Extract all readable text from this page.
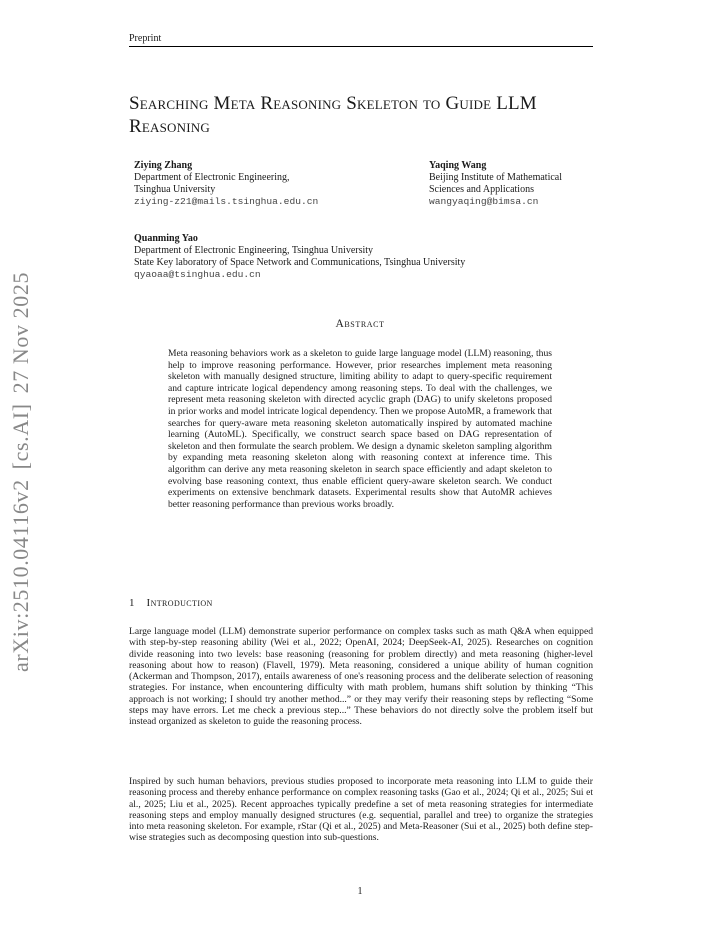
Preprint
Searching Meta Reasoning Skeleton to Guide LLM Reasoning
Ziying Zhang
Department of Electronic Engineering,
Tsinghua University
ziying-z21@mails.tsinghua.edu.cn
Yaqing Wang
Beijing Institute of Mathematical
Sciences and Applications
wangyaqing@bimsa.cn
Quanming Yao
Department of Electronic Engineering, Tsinghua University
State Key laboratory of Space Network and Communications, Tsinghua University
qyaoaa@tsinghua.edu.cn
arXiv:2510.04116v2[cs.AI]27 Nov 2025	Abstract

Meta reasoning behaviors work as a skeleton to guide large language model (LLM) reasoning, thus help to improve reasoning performance. However, prior researches implement meta reasoning skeleton with manually designed structure, limiting ability to adapt to query-specific requirement and capture intricate logical dependency among reasoning steps. To deal with the challenges, we represent meta reasoning skeleton with directed acyclic graph (DAG) to unify skeletons proposed in prior works and model intricate logical dependency. Then we propose AutoMR, a framework that searches for query-aware meta reasoning skeleton automatically inspired by automated machine learning (AutoML). Specifically, we construct search space based on DAG representation of skeleton and then formulate the search problem. We design a dynamic skeleton sampling algorithm by expanding meta reasoning skeleton along with reasoning context at inference time. This algorithm can derive any meta reasoning skeleton in search space efficiently and adapt skeleton to evolving base reasoning context, thus enable efficient query-aware skeleton search. We conduct experiments on extensive benchmark datasets. Experimental results show that AutoMR achieves better reasoning performance than previous works broadly.

1 Introduction

Large language model (LLM) demonstrate superior performance on complex tasks such as math Q&A when equipped with step-by-step reasoning ability (Wei et al., 2022; OpenAI, 2024; DeepSeek-AI, 2025). Researches on cognition divide reasoning into two levels: base reasoning (reasoning for problem directly) and meta reasoning (higher-level reasoning about how to reason) (Flavell, 1979). Meta reasoning, considered a unique ability of human cognition (Ackerman and Thompson, 2017), entails awareness of one's reasoning process and the deliberate selection of reasoning strategies. For instance, when encountering difficulty with math problem, humans shift solution by thinking “This approach is not working; I should try another method...” or they may verify their reasoning steps by reflecting “Some steps may have errors. Let me check a previous step...” These behaviors do not directly solve the problem itself but instead organized as skeleton to guide the reasoning process.

Inspired by such human behaviors, previous studies proposed to incorporate meta reasoning into LLM to guide their reasoning process and thereby enhance performance on complex reasoning tasks (Gao et al., 2024; Qi et al., 2025; Sui et al., 2025; Liu et al., 2025). Recent approaches typically predefine a set of meta reasoning strategies for intermediate reasoning steps and employ manually designed structures (e.g. sequential, parallel and tree) to organize the strategies into meta reasoning skeleton. For example, rStar (Qi et al., 2025) and Meta-Reasoner (Sui et al., 2025) both define step-wise strategies such as decomposing question into sub-questions.

1
